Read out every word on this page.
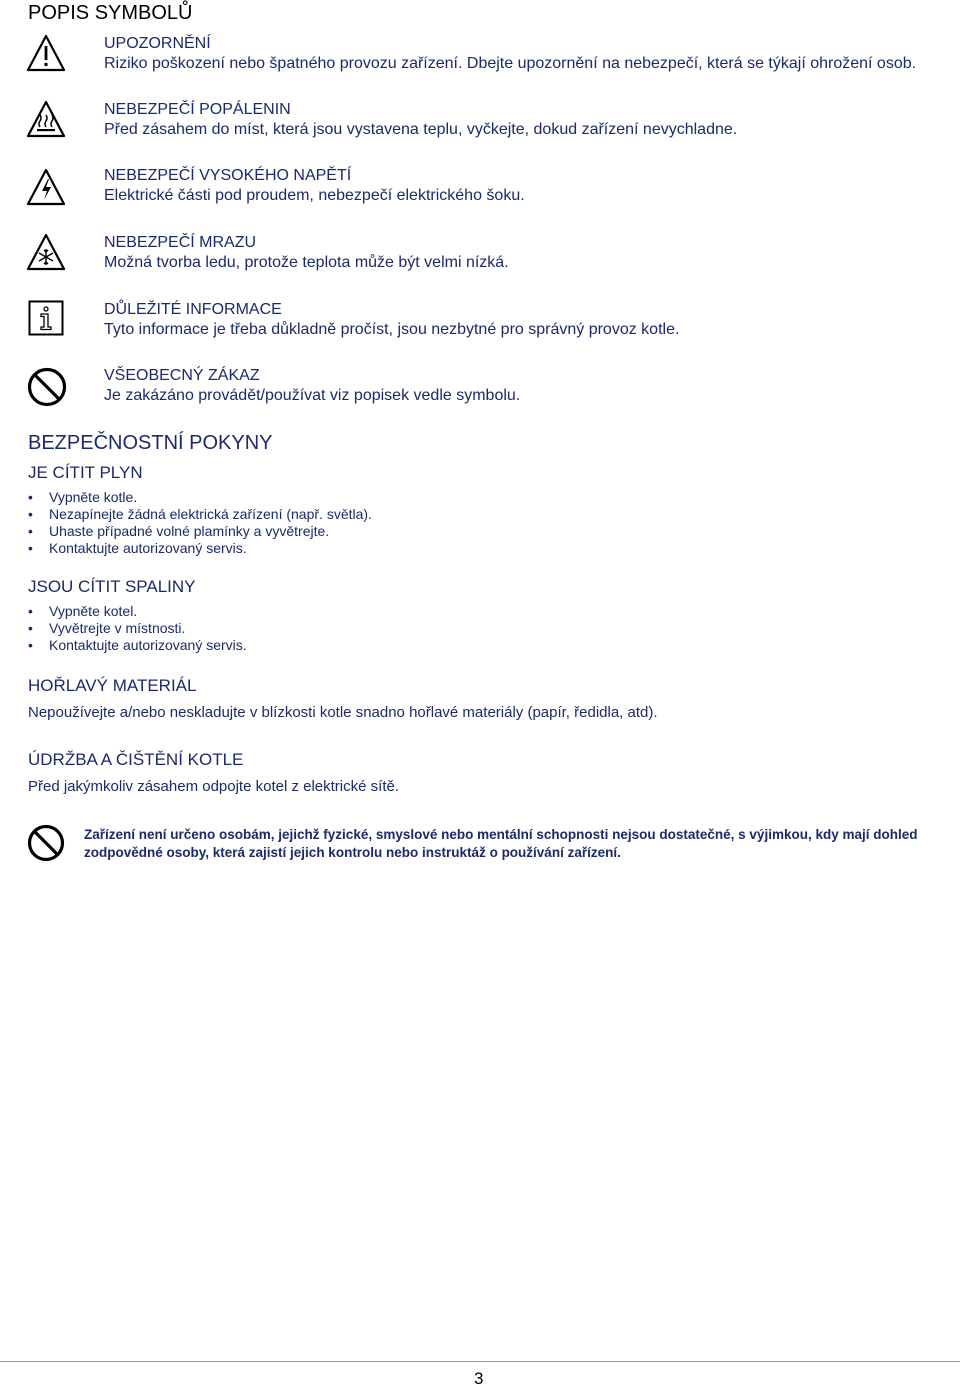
POPIS SYMBOLŮ
UPOZORNĚNÍ
Riziko poškození nebo špatného provozu zařízení. Dbejte upozornění na nebezpečí, která se týkají ohrožení osob.
NEBEZPEČÍ POPÁLENIN
Před zásahem do míst, která jsou vystavena teplu, vyčkejte, dokud zařízení nevychladne.
NEBEZPEČÍ VYSOKÉHO NAPĚTÍ
Elektrické části pod proudem, nebezpečí elektrického šoku.
NEBEZPEČÍ MRAZU
Možná tvorba ledu, protože teplota může být velmi nízká.
DŮLEŽITÉ INFORMACE
Tyto informace je třeba důkladně pročíst, jsou nezbytné pro správný provoz kotle.
VŠEOBECNÝ ZÁKAZ
Je zakázáno provádět/používat viz popisek vedle symbolu.
BEZPEČNOSTNÍ POKYNY
JE CÍTIT PLYN
• Vypněte kotle.
• Nezapínejte žádná elektrická zařízení (např. světla).
• Uhaste případné volné plamínky a vyvětrejte.
• Kontaktujte autorizovaný servis.
JSOU CÍTIT SPALINY
• Vypněte kotel.
• Vyvětrejte v místnosti.
• Kontaktujte autorizovaný servis.
HOŘLAVÝ MATERIÁL

Nepoužívejte a/nebo neskladujte v blízkosti kotle snadno hořlavé materiály (papír, ředidla, atd).

ÚDRŽBA A ČIŠTĚNÍ KOTLE

Před jakýmkoliv zásahem odpojte kotel z elektrické sítě.

Zařízení není určeno osobám, jejichž fyzické, smyslové nebo mentální schopnosti nejsou dostatečné, s výjimkou, kdy mají dohled zodpovědné osoby, která zajistí jejich kontrolu nebo instruktáž o používání zařízení.
3
